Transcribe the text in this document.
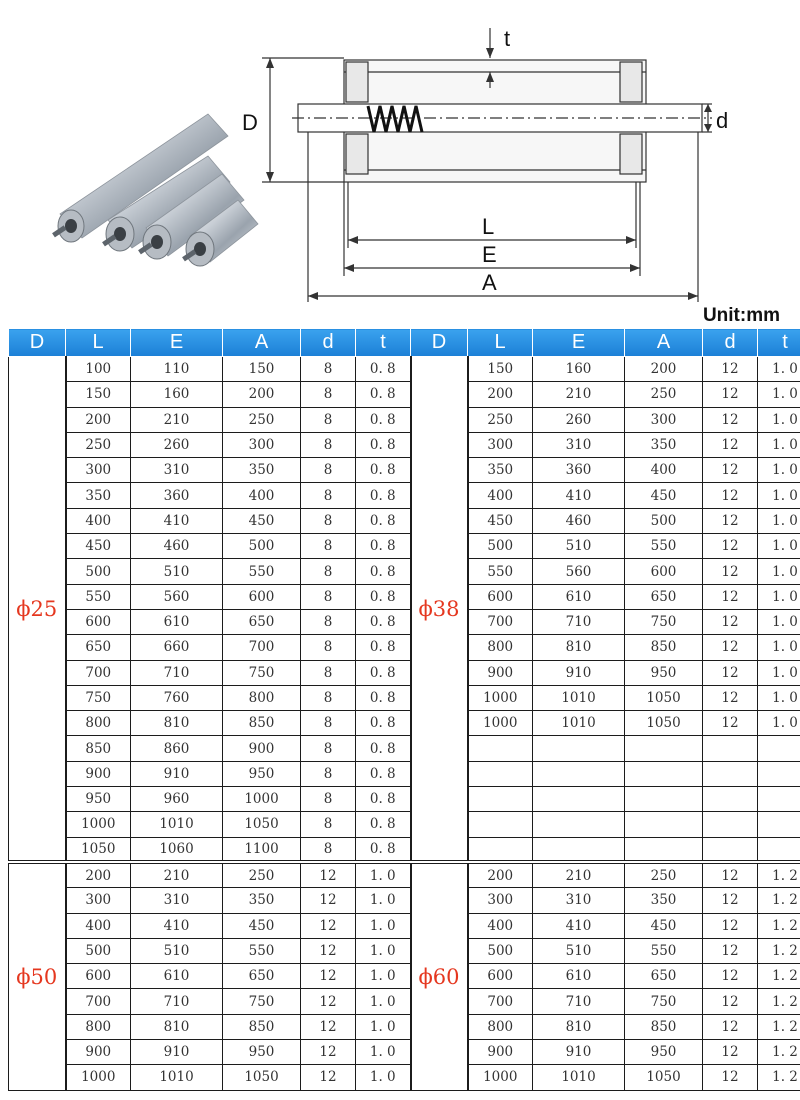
t
D	d
L
E
A
Unit:mm
D	L	E	A	d	t	D	L	E	A	d	t
ϕ25	100	110	150	8	0. 8	ϕ38	150	160	200	12	1. 0
	150	160	200	8	0. 8		200	210	250	12	1. 0
	200	210	250	8	0. 8		250	260	300	12	1. 0
	250	260	300	8	0. 8		300	310	350	12	1. 0
	300	310	350	8	0. 8		350	360	400	12	1. 0
	350	360	400	8	0. 8		400	410	450	12	1. 0
	400	410	450	8	0. 8		450	460	500	12	1. 0
	450	460	500	8	0. 8		500	510	550	12	1. 0
	500	510	550	8	0. 8		550	560	600	12	1. 0
	550	560	600	8	0. 8		600	610	650	12	1. 0
	600	610	650	8	0. 8		700	710	750	12	1. 0
	650	660	700	8	0. 8		800	810	850	12	1. 0
	700	710	750	8	0. 8		900	910	950	12	1. 0
	750	760	800	8	0. 8		1000	1010	1050	12	1. 0
	800	810	850	8	0. 8		1000	1010	1050	12	1. 0
	850	860	900	8	0. 8						
	900	910	950	8	0. 8						
	950	960	1000	8	0. 8						
	1000	1010	1050	8	0. 8						
	1050	1060	1100	8	0. 8						
ϕ50	200	210	250	12	1. 0	ϕ60	200	210	250	12	1. 2
	300	310	350	12	1. 0		300	310	350	12	1. 2
	400	410	450	12	1. 0		400	410	450	12	1. 2
	500	510	550	12	1. 0		500	510	550	12	1. 2
	600	610	650	12	1. 0		600	610	650	12	1. 2
	700	710	750	12	1. 0		700	710	750	12	1. 2
	800	810	850	12	1. 0		800	810	850	12	1. 2
	900	910	950	12	1. 0		900	910	950	12	1. 2
	1000	1010	1050	12	1. 0		1000	1010	1050	12	1. 2
